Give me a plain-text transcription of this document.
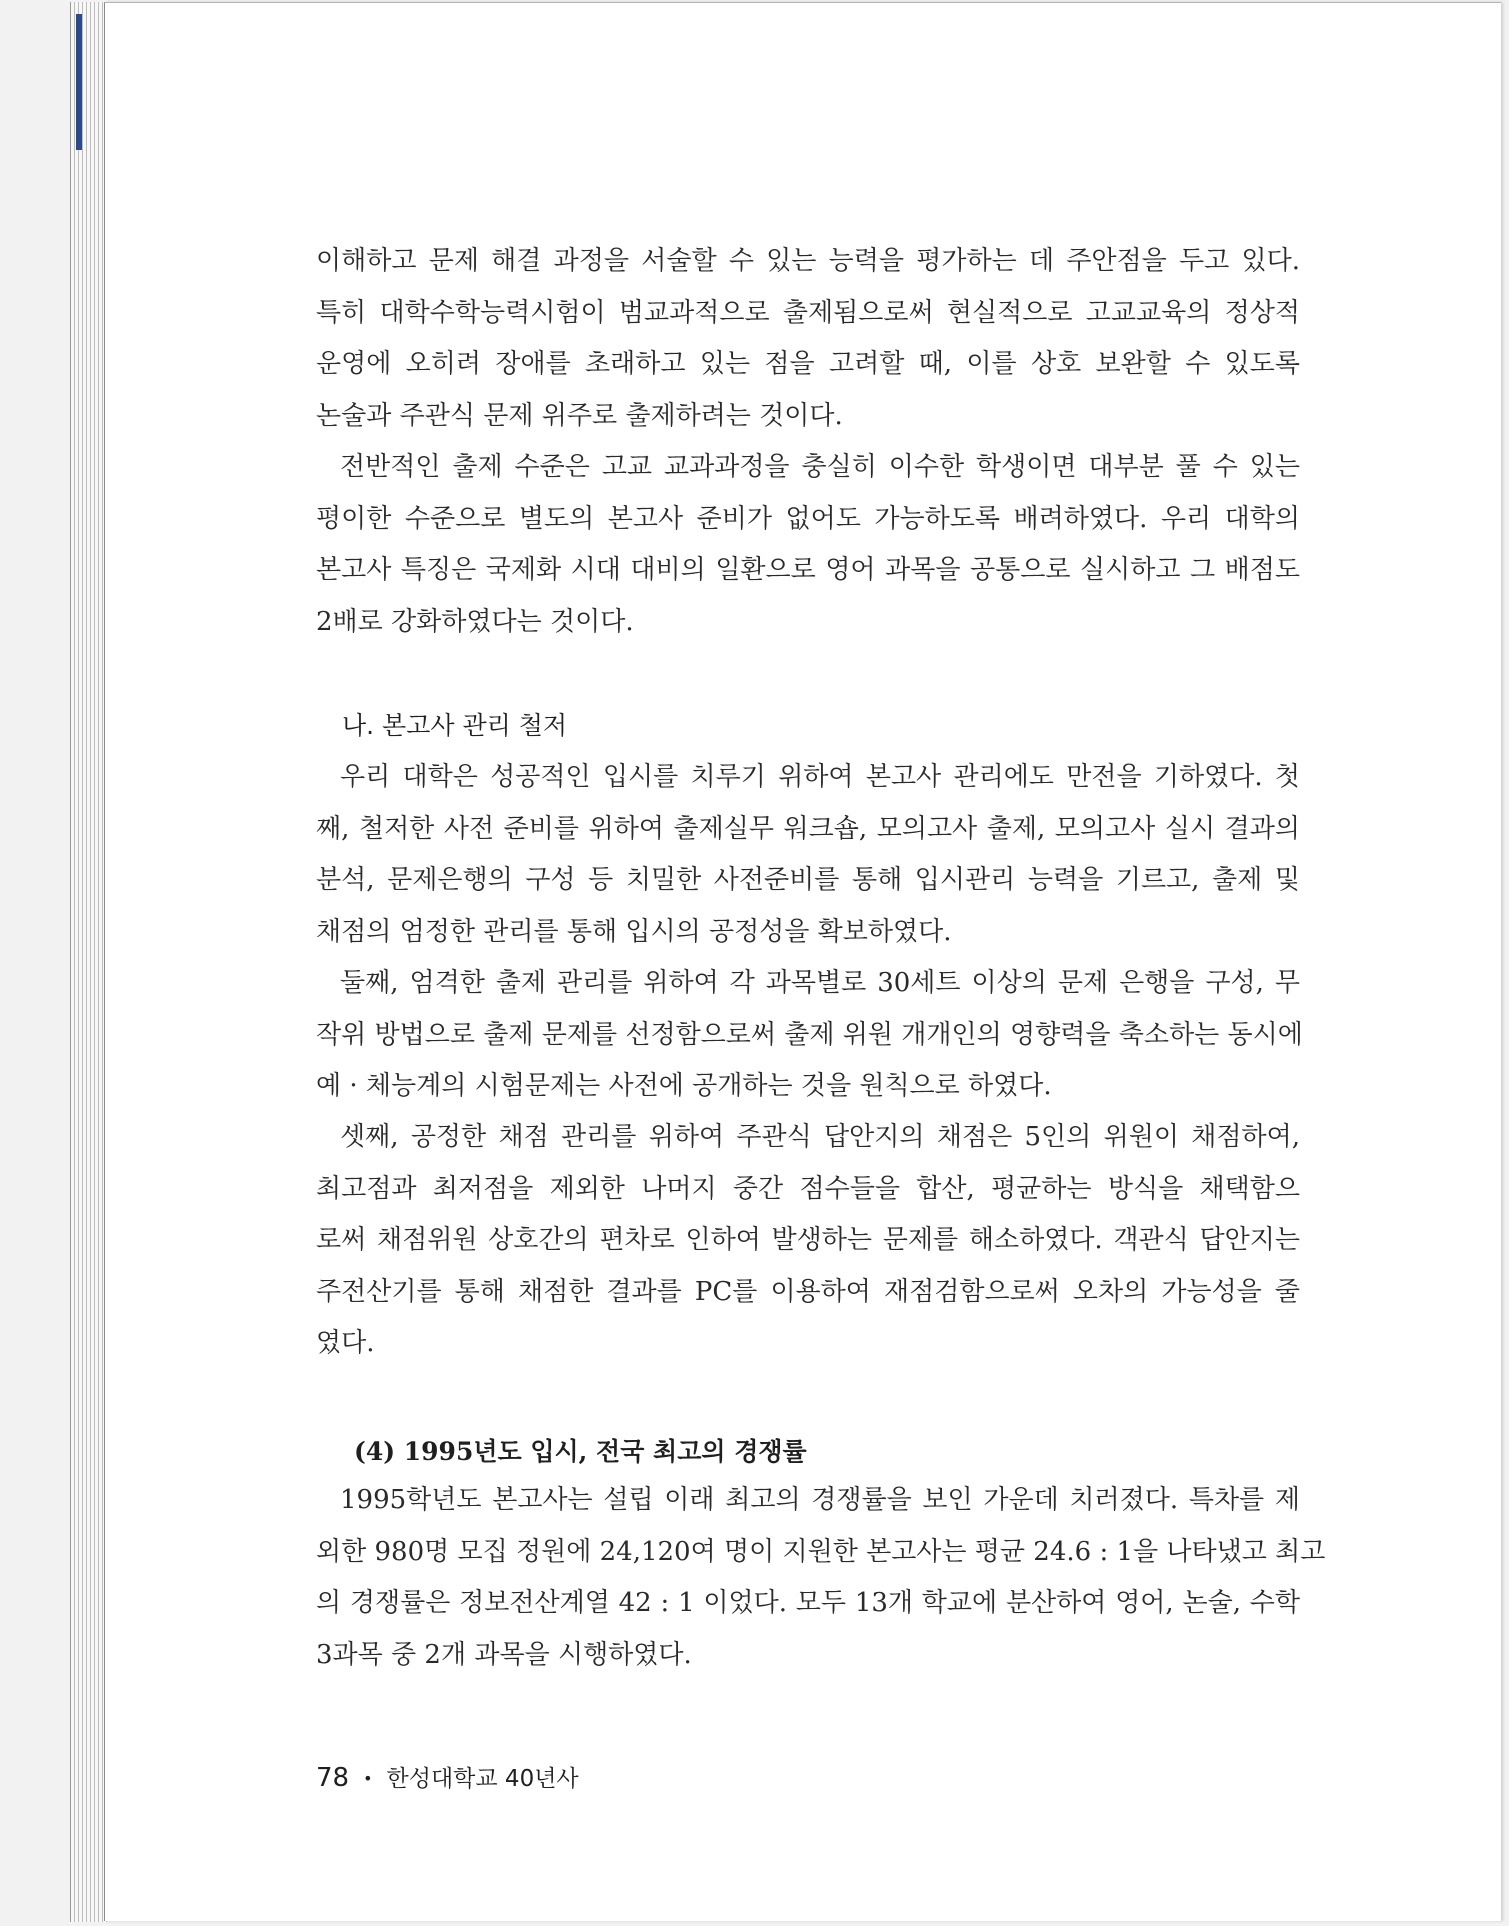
이해하고 문제 해결 과정을 서술할 수 있는 능력을 평가하는 데 주안점을 두고 있다.
특히 대학수학능력시험이 범교과적으로 출제됨으로써 현실적으로 고교교육의 정상적
운영에 오히려 장애를 초래하고 있는 점을 고려할 때, 이를 상호 보완할 수 있도록
논술과 주관식 문제 위주로 출제하려는 것이다.

전반적인 출제 수준은 고교 교과과정을 충실히 이수한 학생이면 대부분 풀 수 있는
평이한 수준으로 별도의 본고사 준비가 없어도 가능하도록 배려하였다. 우리 대학의
본고사 특징은 국제화 시대 대비의 일환으로 영어 과목을 공통으로 실시하고 그 배점도
2배로 강화하였다는 것이다.

나. 본고사 관리 철저

우리 대학은 성공적인 입시를 치루기 위하여 본고사 관리에도 만전을 기하였다. 첫
째, 철저한 사전 준비를 위하여 출제실무 워크숍, 모의고사 출제, 모의고사 실시 결과의
분석, 문제은행의 구성 등 치밀한 사전준비를 통해 입시관리 능력을 기르고, 출제 및
채점의 엄정한 관리를 통해 입시의 공정성을 확보하였다.

둘째, 엄격한 출제 관리를 위하여 각 과목별로 30세트 이상의 문제 은행을 구성, 무
작위 방법으로 출제 문제를 선정함으로써 출제 위원 개개인의 영향력을 축소하는 동시에
예 · 체능계의 시험문제는 사전에 공개하는 것을 원칙으로 하였다.

셋째, 공정한 채점 관리를 위하여 주관식 답안지의 채점은 5인의 위원이 채점하여,
최고점과 최저점을 제외한 나머지 중간 점수들을 합산, 평균하는 방식을 채택함으
로써 채점위원 상호간의 편차로 인하여 발생하는 문제를 해소하였다. 객관식 답안지는
주전산기를 통해 채점한 결과를 PC를 이용하여 재점검함으로써 오차의 가능성을 줄
였다.

(4) 1995년도 입시, 전국 최고의 경쟁률

1995학년도 본고사는 설립 이래 최고의 경쟁률을 보인 가운데 치러졌다. 특차를 제
외한 980명 모집 정원에 24,120여 명이 지원한 본고사는 평균 24.6 : 1을 나타냈고 최고
의 경쟁률은 정보전산계열 42 : 1 이었다. 모두 13개 학교에 분산하여 영어, 논술, 수학
3과목 중 2개 과목을 시행하였다.

78 • 한성대학교 40년사
